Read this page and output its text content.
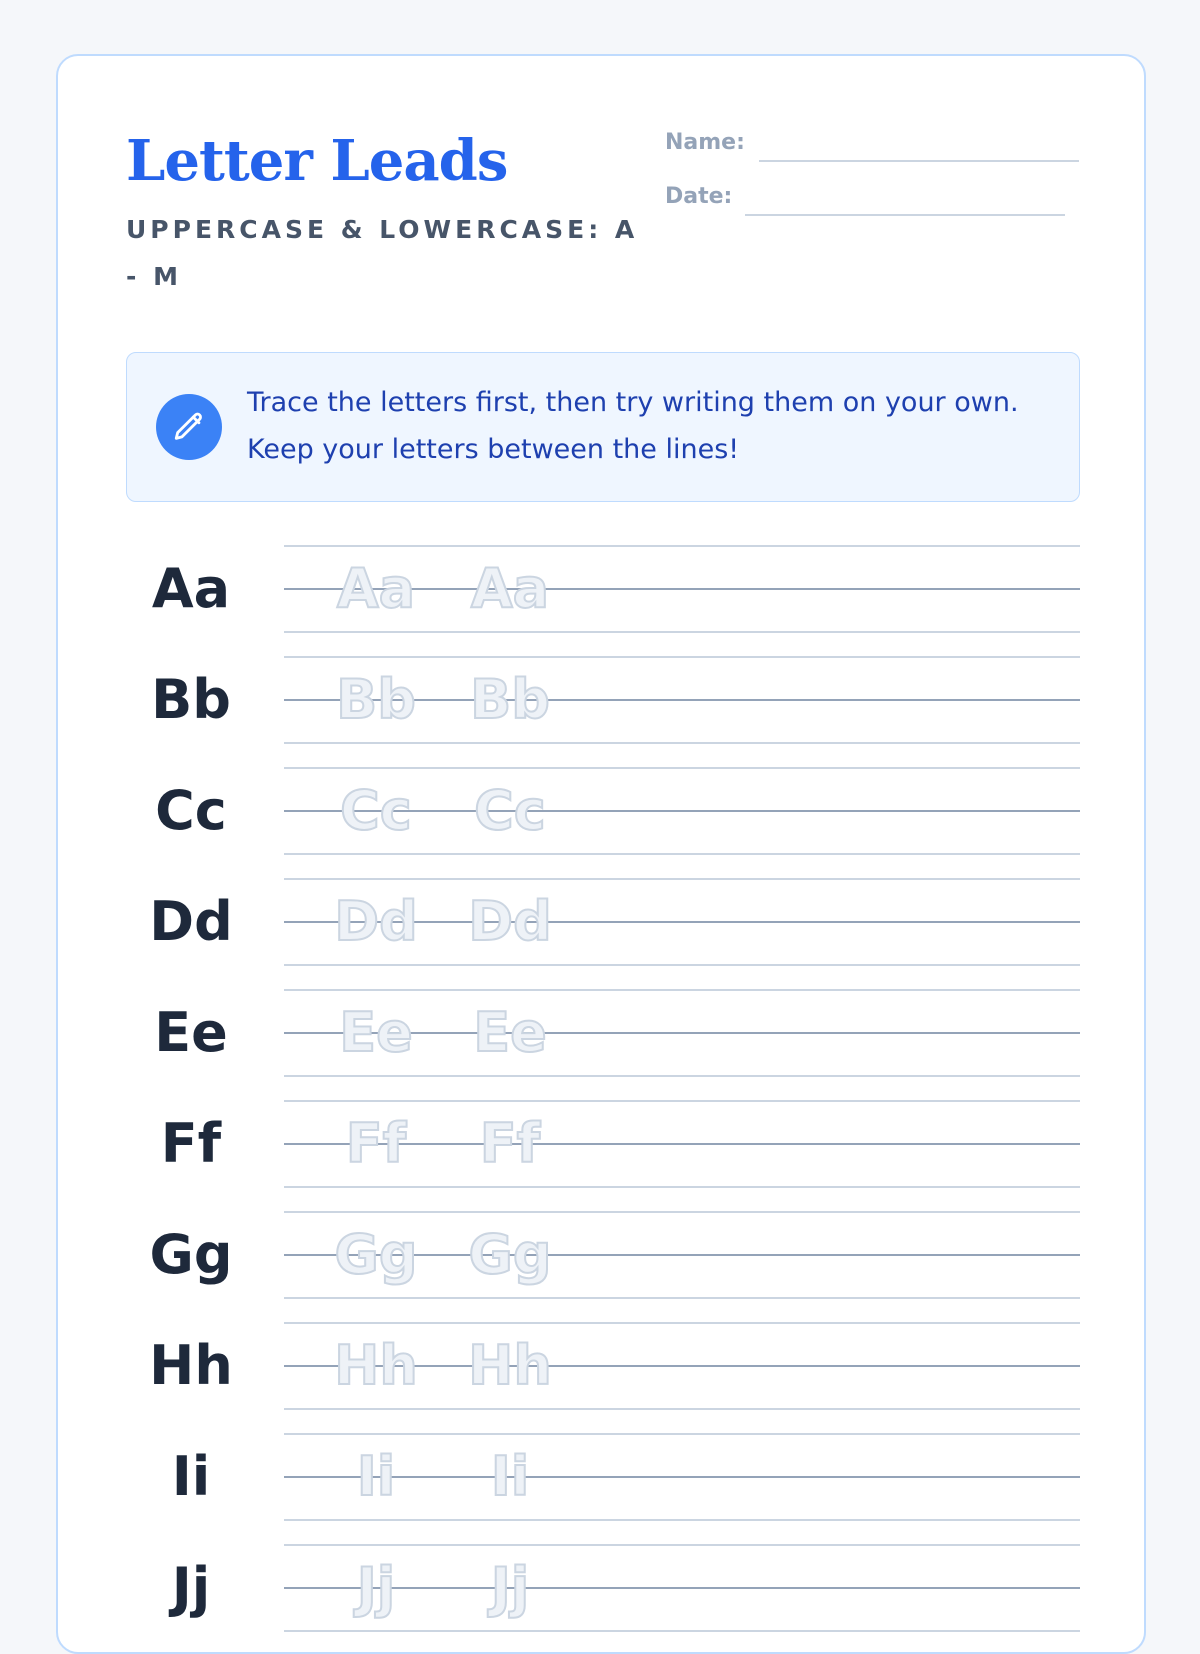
Letter Leads
UPPERCASE & LOWERCASE: A - M
Name:
Date:

Trace the letters first, then try writing them on your own. Keep your letters between the lines!

Aa	Aa	Aa
Bb	Bb	Bb
Cc	Cc	Cc
Dd	Dd Dd
Ee	Ee	Ee
Ff	Ff	Ff
Gg	Gg Gg
Hh	Hh Hh
Ii	Ii	Ii
Jj	Jj	Jj
